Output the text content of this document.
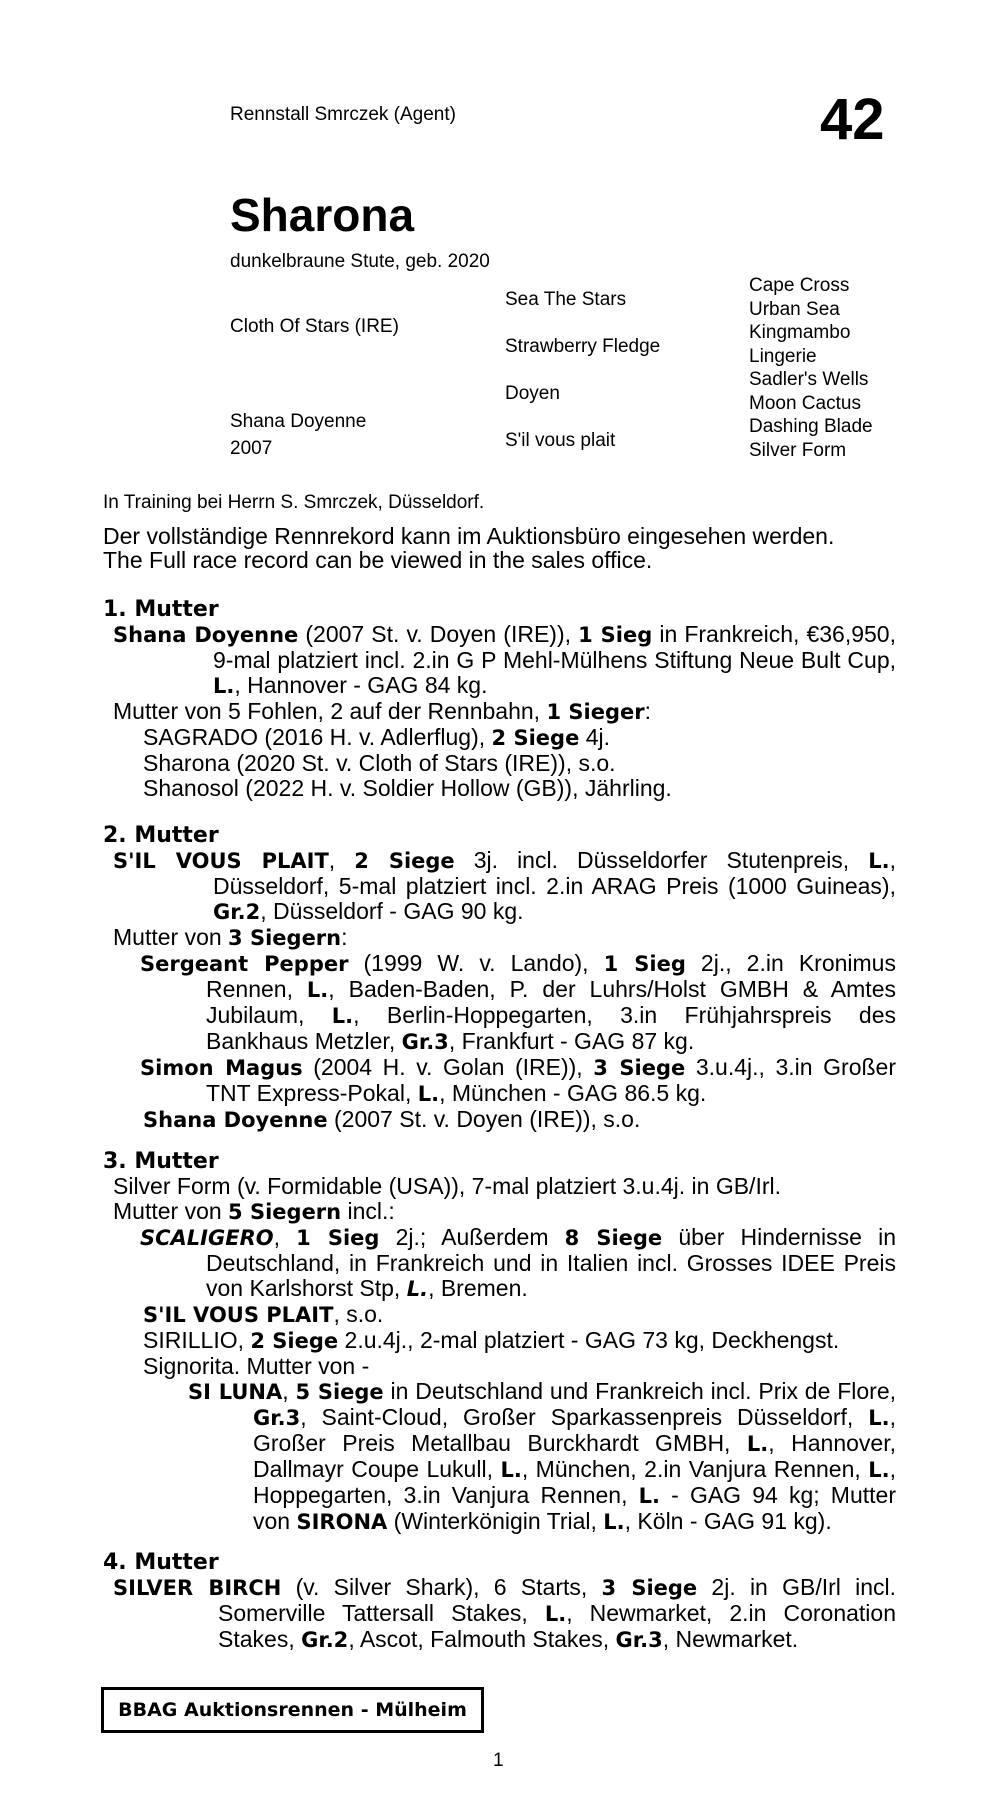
Rennstall Smrczek (Agent)	42
Sharona
dunkelbraune Stute, geb. 2020
Cloth Of Stars (IRE)
Shana Doyenne
2007
Sea The Stars
Strawberry Fledge
Doyen
S'il vous plait
Cape Cross
Urban Sea
Kingmambo
Lingerie
Sadler's Wells
Moon Cactus
Dashing Blade
Silver Form
In Training bei Herrn S. Smrczek, Düsseldorf.
Der vollständige Rennrekord kann im Auktionsbüro eingesehen werden.
The Full race record can be viewed in the sales office.
1. Mutter
Shana Doyenne (2007 St. v. Doyen (IRE)), 1 Sieg in Frankreich, €36,950, 9-mal platziert incl. 2.in G P Mehl-Mülhens Stiftung Neue Bult Cup, L., Hannover - GAG 84 kg.
Mutter von 5 Fohlen, 2 auf der Rennbahn, 1 Sieger:
SAGRADO (2016 H. v. Adlerflug), 2 Siege 4j.
Sharona (2020 St. v. Cloth of Stars (IRE)), s.o.
Shanosol (2022 H. v. Soldier Hollow (GB)), Jährling.
2. Mutter
S'IL VOUS PLAIT, 2 Siege 3j. incl. Düsseldorfer Stutenpreis, L., Düsseldorf, 5-mal platziert incl. 2.in ARAG Preis (1000 Guineas), Gr.2, Düsseldorf - GAG 90 kg.
Mutter von 3 Siegern:
Sergeant Pepper (1999 W. v. Lando), 1 Sieg 2j., 2.in Kronimus Rennen, L., Baden-Baden, P. der Luhrs/Holst GMBH & Amtes Jubilaum, L., Berlin-Hoppegarten, 3.in Frühjahrspreis des Bankhaus Metzler, Gr.3, Frankfurt - GAG 87 kg.
Simon Magus (2004 H. v. Golan (IRE)), 3 Siege 3.u.4j., 3.in Großer TNT Express-Pokal, L., München - GAG 86.5 kg.
Shana Doyenne (2007 St. v. Doyen (IRE)), s.o.
3. Mutter
Silver Form (v. Formidable (USA)), 7-mal platziert 3.u.4j. in GB/Irl.
Mutter von 5 Siegern incl.:
SCALIGERO, 1 Sieg 2j.; Außerdem 8 Siege über Hindernisse in Deutschland, in Frankreich und in Italien incl. Grosses IDEE Preis von Karlshorst Stp, L., Bremen.
S'IL VOUS PLAIT, s.o.
SIRILLIO, 2 Siege 2.u.4j., 2-mal platziert - GAG 73 kg, Deckhengst.
Signorita. Mutter von -
SI LUNA, 5 Siege in Deutschland und Frankreich incl. Prix de Flore, Gr.3, Saint-Cloud, Großer Sparkassenpreis Düsseldorf, L., Großer Preis Metallbau Burckhardt GMBH, L., Hannover, Dallmayr Coupe Lukull, L., München, 2.in Vanjura Rennen, L., Hoppegarten, 3.in Vanjura Rennen, L. - GAG 94 kg; Mutter von SIRONA (Winterkönigin Trial, L., Köln - GAG 91 kg).
4. Mutter
SILVER BIRCH (v. Silver Shark), 6 Starts, 3 Siege 2j. in GB/Irl incl. Somerville Tattersall Stakes, L., Newmarket, 2.in Coronation Stakes, Gr.2, Ascot, Falmouth Stakes, Gr.3, Newmarket.
BBAG Auktionsrennen - Mülheim
1
